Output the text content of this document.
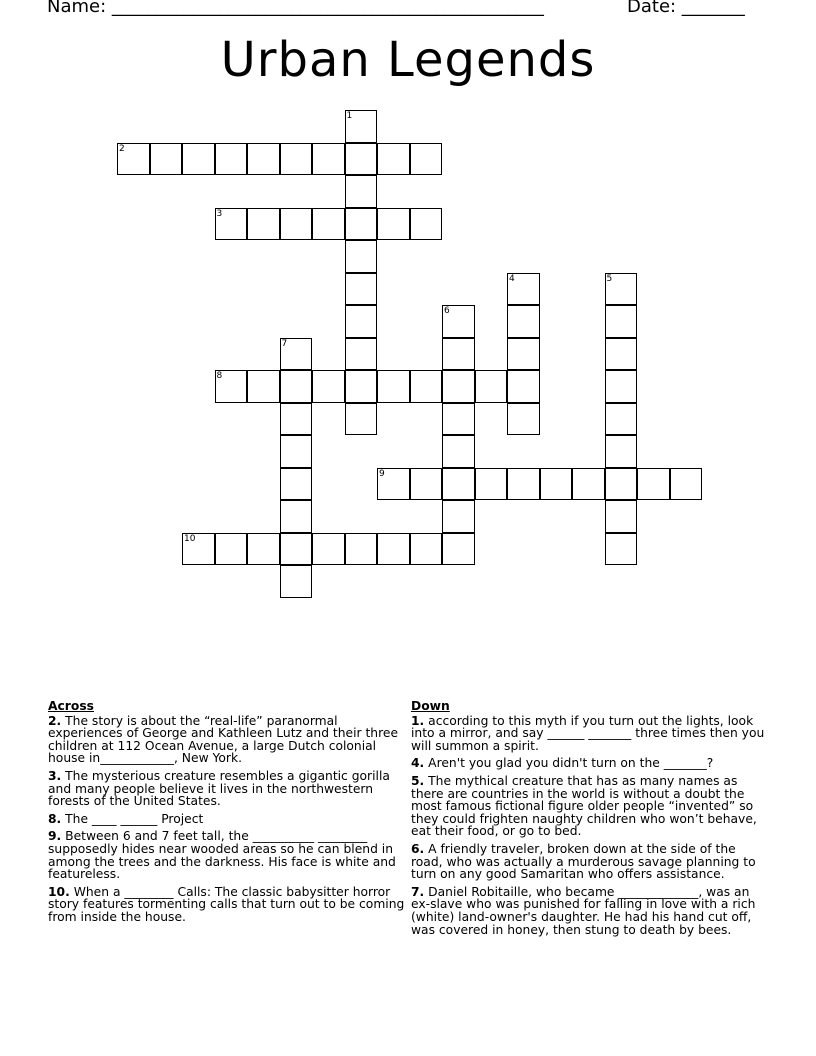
Name: ________________________________________________	Date: _______
Urban Legends
1
2
3
4	5
6
7
8
9
10
Across
2. The story is about the “real-life” paranormal experiences of George and Kathleen Lutz and their three children at 112 Ocean Avenue, a large Dutch colonial house in____________, New York.
3. The mysterious creature resembles a gigantic gorilla and many people believe it lives in the northwestern forests of the United States.
8. The ____ ______ Project
9. Between 6 and 7 feet tall, the __________ ________ supposedly hides near wooded areas so he can blend in among the trees and the darkness. His face is white and featureless.
10. When a ________ Calls: The classic babysitter horror story features tormenting calls that turn out to be coming from inside the house.
Down
1. according to this myth if you turn out the lights, look into a mirror, and say ______ _______ three times then you will summon a spirit.
4. Aren't you glad you didn't turn on the _______?
5. The mythical creature that has as many names as there are countries in the world is without a doubt the most famous fictional figure older people “invented” so they could frighten naughty children who won’t behave, eat their food, or go to bed.
6. A friendly traveler, broken down at the side of the road, who was actually a murderous savage planning to turn on any good Samaritan who offers assistance.
7. Daniel Robitaille, who became _____________, was an ex-slave who was punished for falling in love with a rich (white) land-owner's daughter. He had his hand cut off, was covered in honey, then stung to death by bees.
